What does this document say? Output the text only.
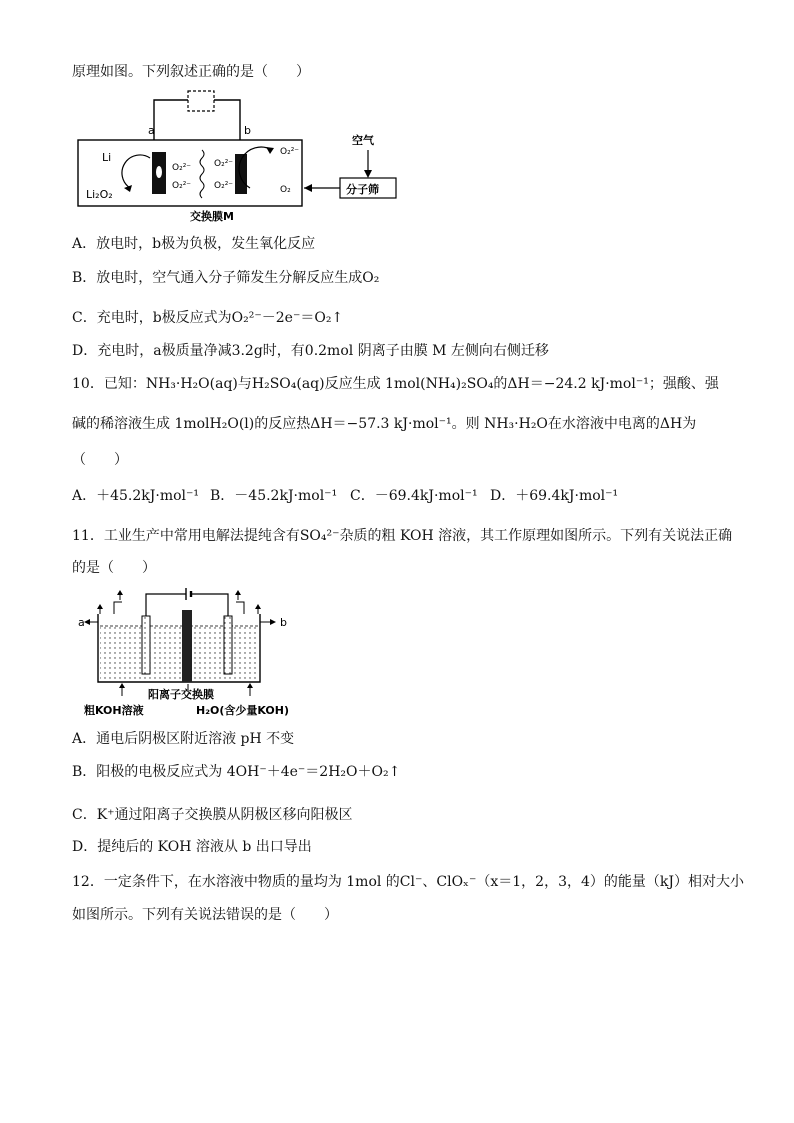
原理如图。下列叙述正确的是（　　）
a	b
Li
Li₂O₂
O₂²⁻
O₂²⁻
O₂²⁻
O₂²⁻
O₂²⁻
O₂	分子筛
空气
交换膜M
A．放电时，b极为负极，发生氧化反应
B．放电时，空气通入分子筛发生分解反应生成O₂
C．充电时，b极反应式为O₂²⁻－2e⁻＝O₂↑
D．充电时，a极质量净减3.2g时，有0.2mol 阴离子由膜 M 左侧向右侧迁移
10．已知：NH₃·H₂O(aq)与H₂SO₄(aq)反应生成 1mol(NH₄)₂SO₄的ΔH＝−24.2 kJ·mol⁻¹；强酸、强
碱的稀溶液生成 1molH₂O(l)的反应热ΔH＝−57.3 kJ·mol⁻¹。则 NH₃·H₂O在水溶液中电离的ΔH为
（　　）
A．＋45.2kJ·mol⁻¹ B．－45.2kJ·mol⁻¹ C．－69.4kJ·mol⁻¹ D．＋69.4kJ·mol⁻¹
11．工业生产中常用电解法提纯含有SO₄²⁻杂质的粗 KOH 溶液，其工作原理如图所示。下列有关说法正确
的是（　　）
a	b
阳离子交换膜
粗KOH溶液	H₂O(含少量KOH)
A．通电后阴极区附近溶液 pH 不变
B．阳极的电极反应式为 4OH⁻＋4e⁻＝2H₂O＋O₂↑
C．K⁺通过阳离子交换膜从阴极区移向阳极区
D．提纯后的 KOH 溶液从 b 出口导出
12．一定条件下，在水溶液中物质的量均为 1mol 的Cl⁻、ClOₓ⁻（x＝1，2，3，4）的能量（kJ）相对大小
如图所示。下列有关说法错误的是（　　）
